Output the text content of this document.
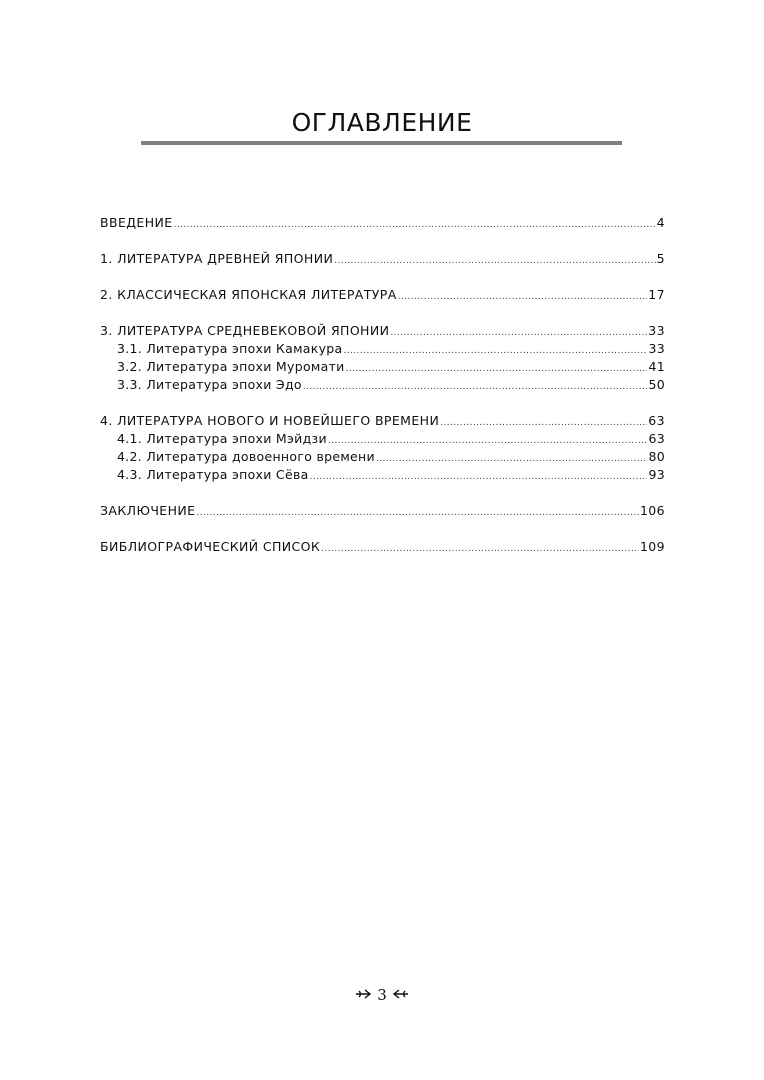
ОГЛАВЛЕНИЕ
ВВЕДЕНИЕ .....	4
1. ЛИТЕРАТУРА ДРЕВНЕЙ ЯПОНИИ .....	5
2. КЛАССИЧЕСКАЯ ЯПОНСКАЯ ЛИТЕРАТУРА .....	17
3. ЛИТЕРАТУРА СРЕДНЕВЕКОВОЙ ЯПОНИИ .....	33
3.1. Литература эпохи Камакура .....	33
3.2. Литература эпохи Муромати .....	41
3.3. Литература эпохи Эдо .....	50
4. ЛИТЕРАТУРА НОВОГО И НОВЕЙШЕГО ВРЕМЕНИ .....	63
4.1. Литература эпохи Мэйдзи .....	63
4.2. Литература довоенного времени .....	80
4.3. Литература эпохи Сёва .....	93
ЗАКЛЮЧЕНИЕ .....	106
БИБЛИОГРАФИЧЕСКИЙ СПИСОК .....	109
3
